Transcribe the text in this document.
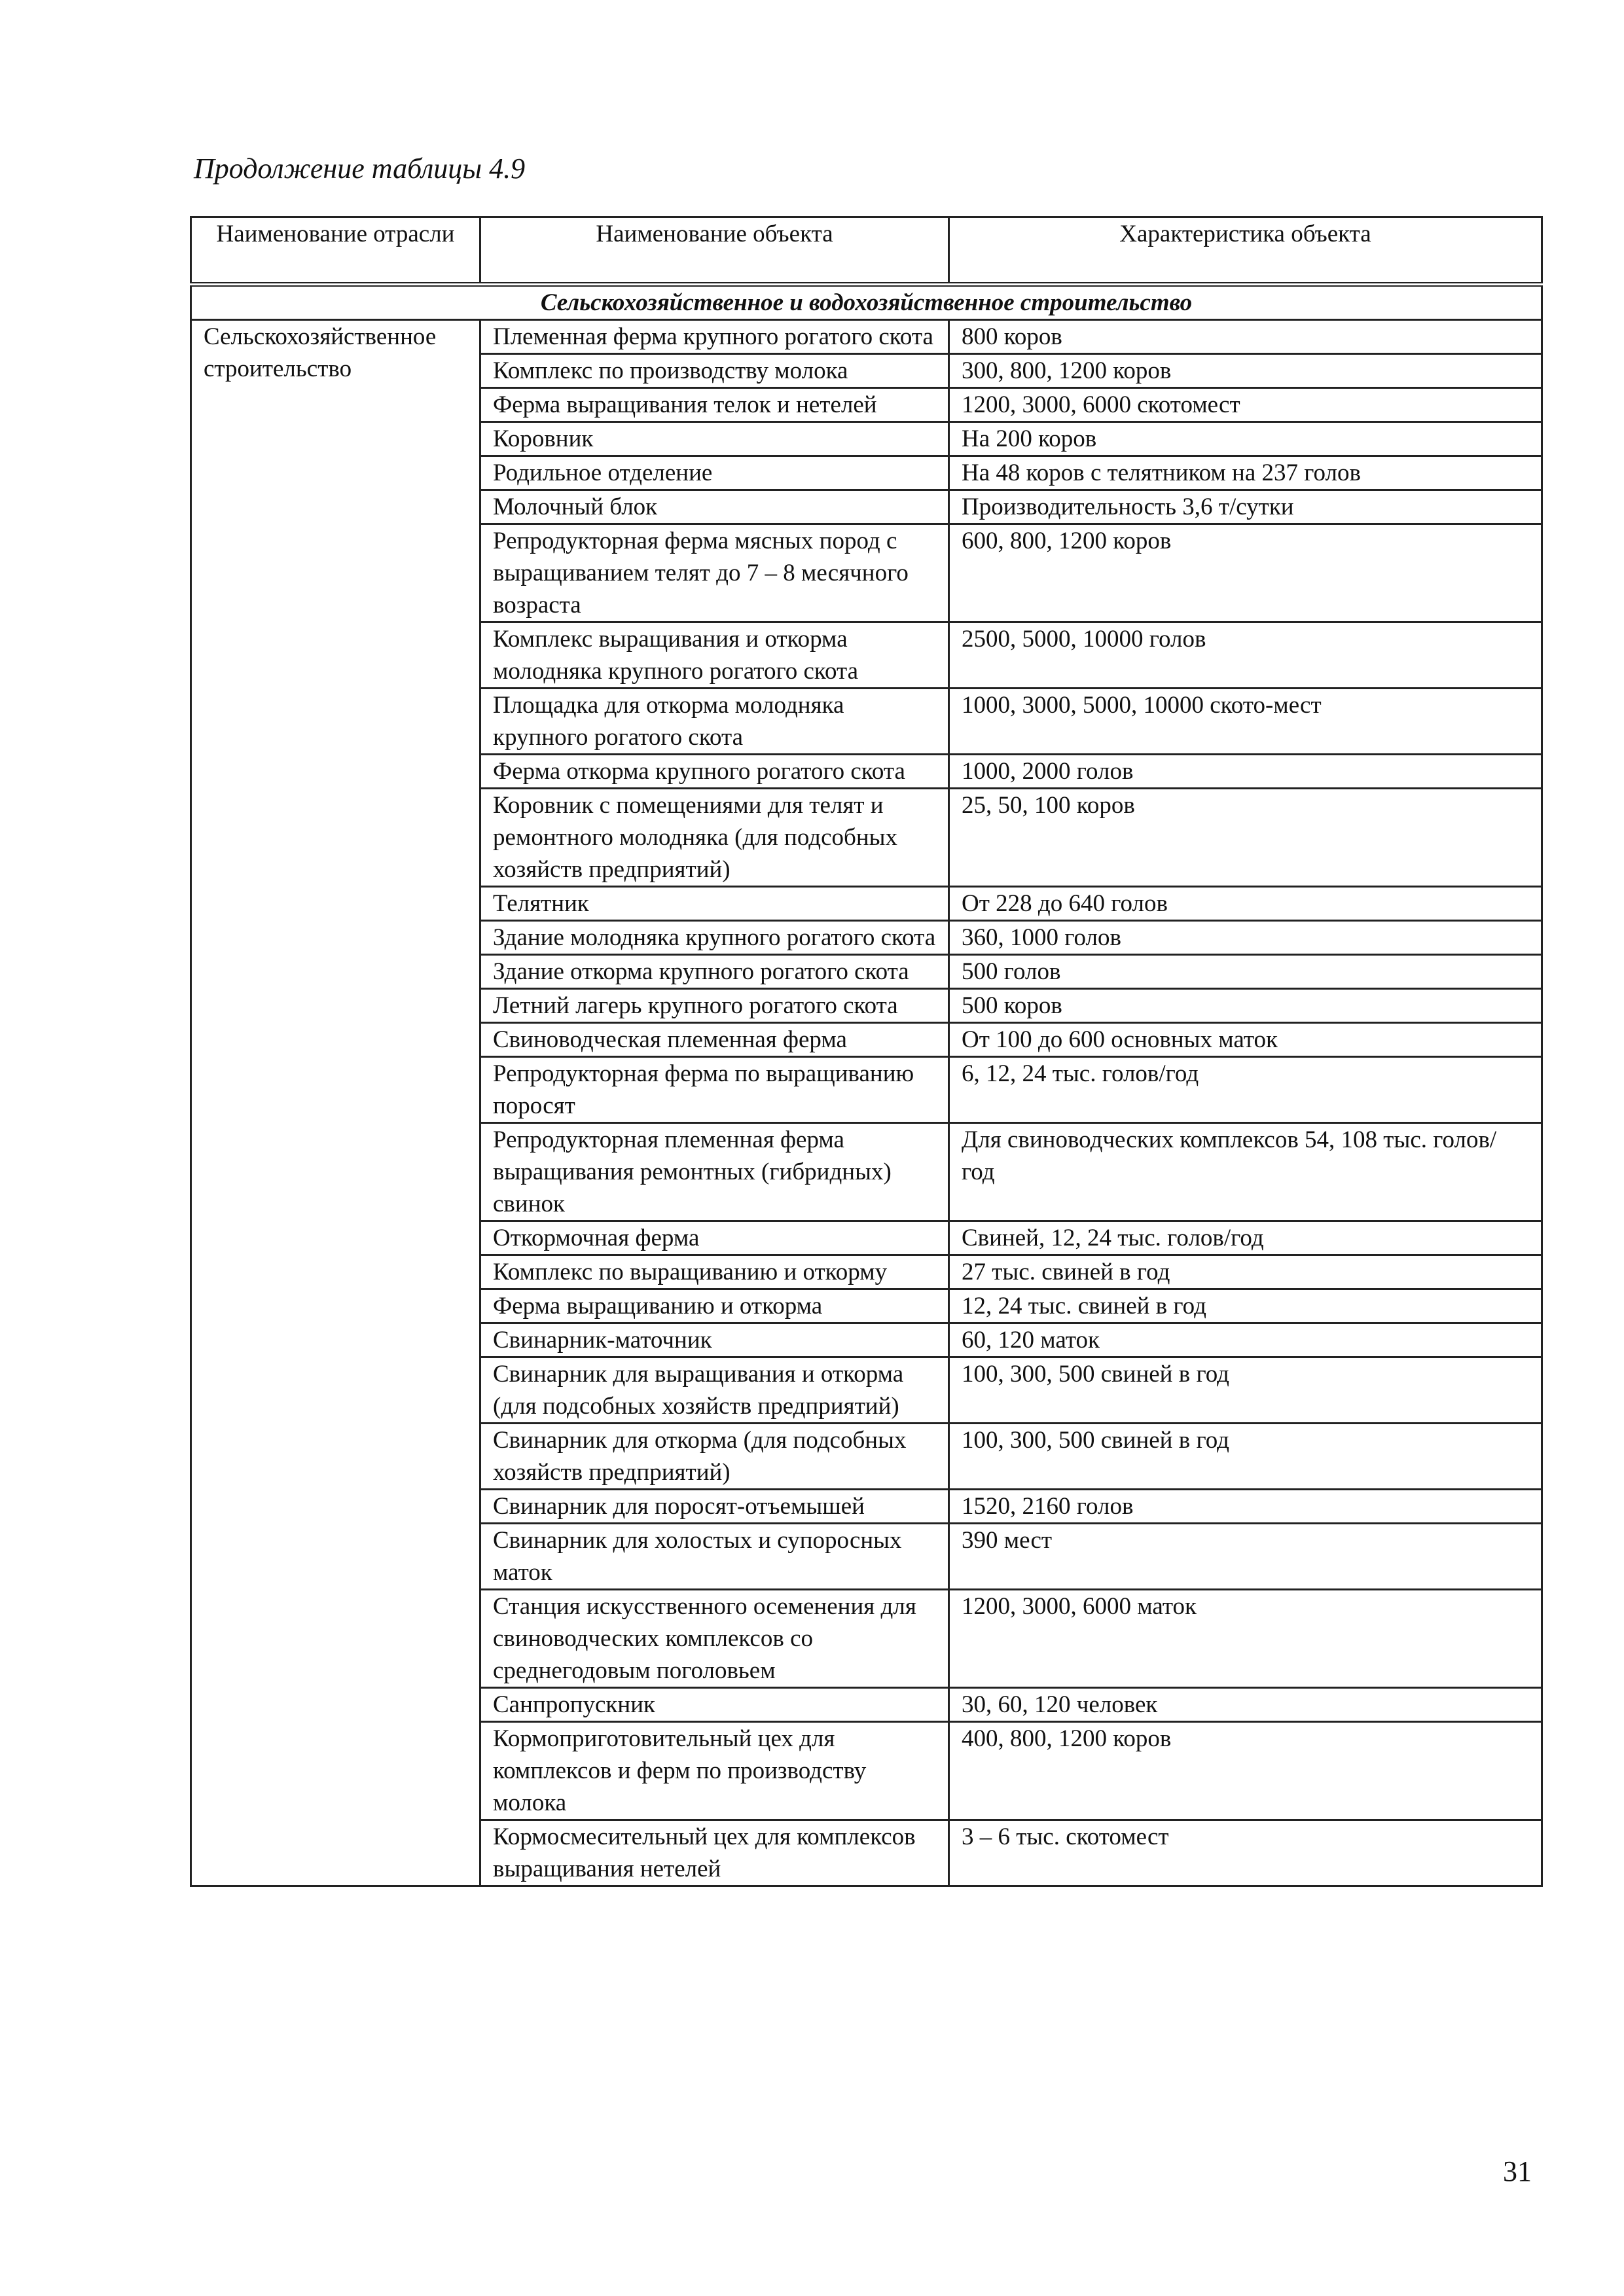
Продолжение таблицы 4.9
Наименование отрасли	Наименование объекта	Характеристика объекта
Сельскохозяйственное и водохозяйственное строительство		
Сельскохозяйственное строительство	Племенная ферма крупного рогатого скота	800 коров
	Комплекс по производству молока	300, 800, 1200 коров
	Ферма выращивания телок и нетелей	1200, 3000, 6000 скотомест
	Коровник	На 200 коров
	Родильное отделение	На 48 коров с телятником на 237 голов
	Молочный блок	Производительность 3,6 т/сутки
	Репродукторная ферма мясных пород с выращиванием телят до 7 – 8 месячного возраста	600, 800, 1200 коров
	Комплекс выращивания и откорма молодняка крупного рогатого скота	2500, 5000, 10000 голов
	Площадка для откорма молодняка крупного рогатого скота	1000, 3000, 5000, 10000 ското-мест
	Ферма откорма крупного рогатого скота	1000, 2000 голов
	Коровник с помещениями для телят и ремонтного молодняка (для подсобных хозяйств предприятий)	25, 50, 100 коров
	Телятник	От 228 до 640 голов
	Здание молодняка крупного рогатого скота	360, 1000 голов
	Здание откорма крупного рогатого скота	500 голов
	Летний лагерь крупного рогатого скота	500 коров
	Свиноводческая племенная ферма	От 100 до 600 основных маток
	Репродукторная ферма по выращиванию поросят	6, 12, 24 тыс. голов/год
	Репродукторная племенная ферма выращивания ремонтных (гибридных) свинок	Для свиноводческих комплексов 54, 108 тыс. голов/год
	Откормочная ферма	Свиней, 12, 24 тыс. голов/год
	Комплекс по выращиванию и откорму	27 тыс. свиней в год
	Ферма выращиванию и откорма	12, 24 тыс. свиней в год
	Свинарник-маточник	60, 120 маток
	Свинарник для выращивания и откорма (для подсобных хозяйств предприятий)	100, 300, 500 свиней в год
	Свинарник для откорма (для подсобных хозяйств предприятий)	100, 300, 500 свиней в год
	Свинарник для поросят-отъемышей	1520, 2160 голов
	Свинарник для холостых и супоросных маток	390 мест
	Станция искусственного осеменения для свиноводческих комплексов со среднегодовым поголовьем	1200, 3000, 6000 маток
	Санпропускник	30, 60, 120 человек
	Кормоприготовительный цех для комплексов и ферм по производству молока	400, 800, 1200 коров
	Кормосмесительный цех для комплексов выращивания нетелей	3 – 6 тыс. скотомест
31
